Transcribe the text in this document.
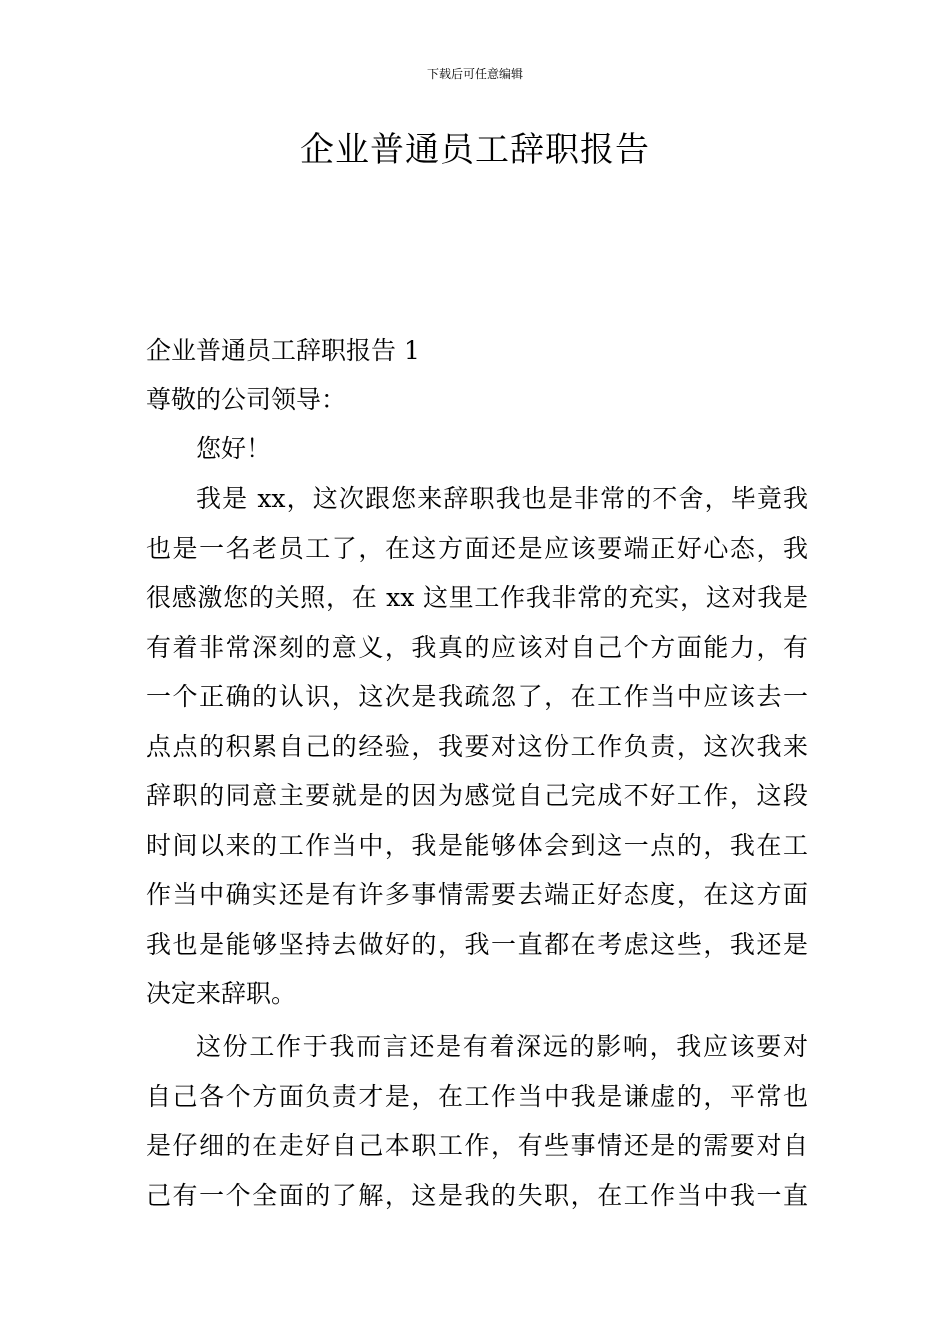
下载后可任意编辑
企业普通员工辞职报告
企业普通员工辞职报告 1
尊敬的公司领导：
您好！
我是 xx，这次跟您来辞职我也是非常的不舍，毕竟我
也是一名老员工了，在这方面还是应该要端正好心态，我
很感激您的关照，在 xx 这里工作我非常的充实，这对我是
有着非常深刻的意义，我真的应该对自己个方面能力，有
一个正确的认识，这次是我疏忽了，在工作当中应该去一
点点的积累自己的经验，我要对这份工作负责，这次我来
辞职的同意主要就是的因为感觉自己完成不好工作，这段
时间以来的工作当中，我是能够体会到这一点的，我在工
作当中确实还是有许多事情需要去端正好态度，在这方面
我也是能够坚持去做好的，我一直都在考虑这些，我还是
决定来辞职。
这份工作于我而言还是有着深远的影响，我应该要对
自己各个方面负责才是，在工作当中我是谦虚的，平常也
是仔细的在走好自己本职工作，有些事情还是的需要对自
己有一个全面的了解，这是我的失职，在工作当中我一直
